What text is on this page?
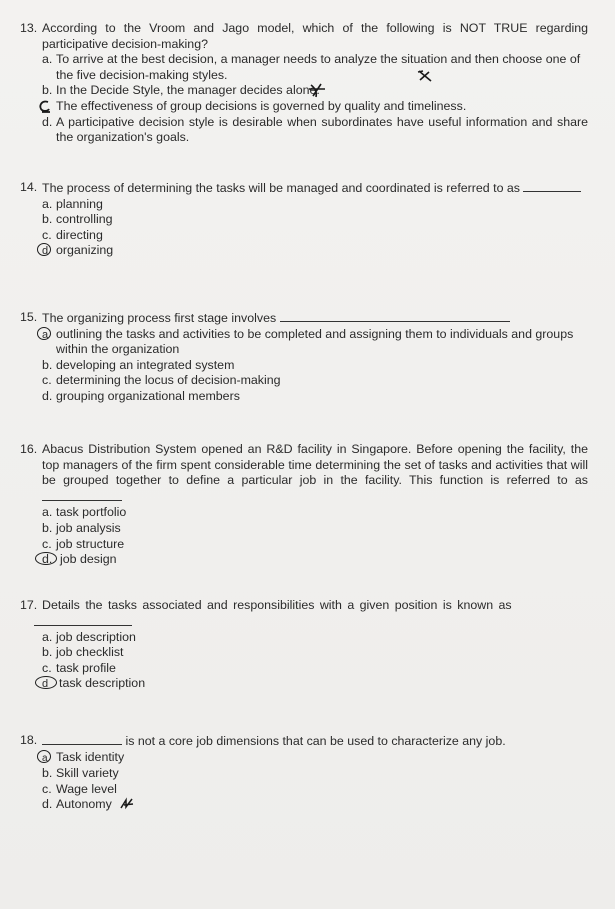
13. According to the Vroom and Jago model, which of the following is NOT TRUE regarding participative decision-making?
a. To arrive at the best decision, a manager needs to analyze the situation and then choose one of the five decision-making styles.
b. In the Decide Style, the manager decides alone.
The effectiveness of group decisions is governed by quality and timeliness.
d. A participative decision style is desirable when subordinates have useful information and share the organization's goals.
14. The process of determining the tasks will be managed and coordinated is referred to as
a. planning
b. controlling
c. directing
d organizing
15. The organizing process first stage involves
a outlining the tasks and activities to be completed and assigning them to individuals and groups within the organization
b. developing an integrated system
c. determining the locus of decision-making
d. grouping organizational members
16. Abacus Distribution System opened an R&D facility in Singapore. Before opening the facility, the top managers of the firm spent considerable time determining the set of tasks and activities that will be grouped together to define a particular job in the facility. This function is referred to as
a. task portfolio
b. job analysis
c. job structure
d. job design
17. Details the tasks associated and responsibilities with a given position is known as
a. job description
b. job checklist
c. task profile
d task description
18.	is not a core job dimensions that can be used to characterize any job.
a Task identity
b. Skill variety
c. Wage level
d. Autonomy
